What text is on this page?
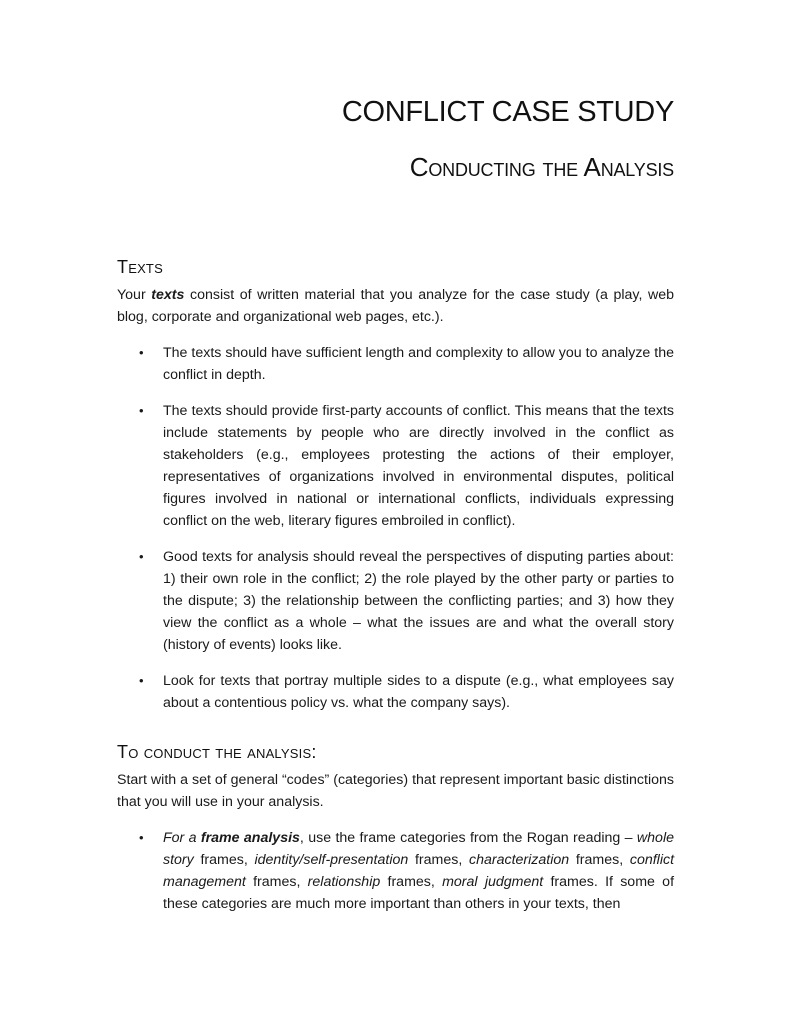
CONFLICT CASE STUDY
Conducting the Analysis
Texts

Your texts consist of written material that you analyze for the case study (a play, web blog, corporate and organizational web pages, etc.).

• The texts should have sufficient length and complexity to allow you to analyze the conflict in depth.
• The texts should provide first-party accounts of conflict. This means that the texts include statements by people who are directly involved in the conflict as stakeholders (e.g., employees protesting the actions of their employer, representatives of organizations involved in environmental disputes, political figures involved in national or international conflicts, individuals expressing conflict on the web, literary figures embroiled in conflict).
• Good texts for analysis should reveal the perspectives of disputing parties about: 1) their own role in the conflict; 2) the role played by the other party or parties to the dispute; 3) the relationship between the conflicting parties; and 3) how they view the conflict as a whole – what the issues are and what the overall story (history of events) looks like.
• Look for texts that portray multiple sides to a dispute (e.g., what employees say about a contentious policy vs. what the company says).
To conduct the analysis:

Start with a set of general “codes” (categories) that represent important basic distinctions that you will use in your analysis.

• For a frame analysis, use the frame categories from the Rogan reading – whole story frames, identity/self-presentation frames, characterization frames, conflict management frames, relationship frames, moral judgment frames. If some of these categories are much more important than others in your texts, then
